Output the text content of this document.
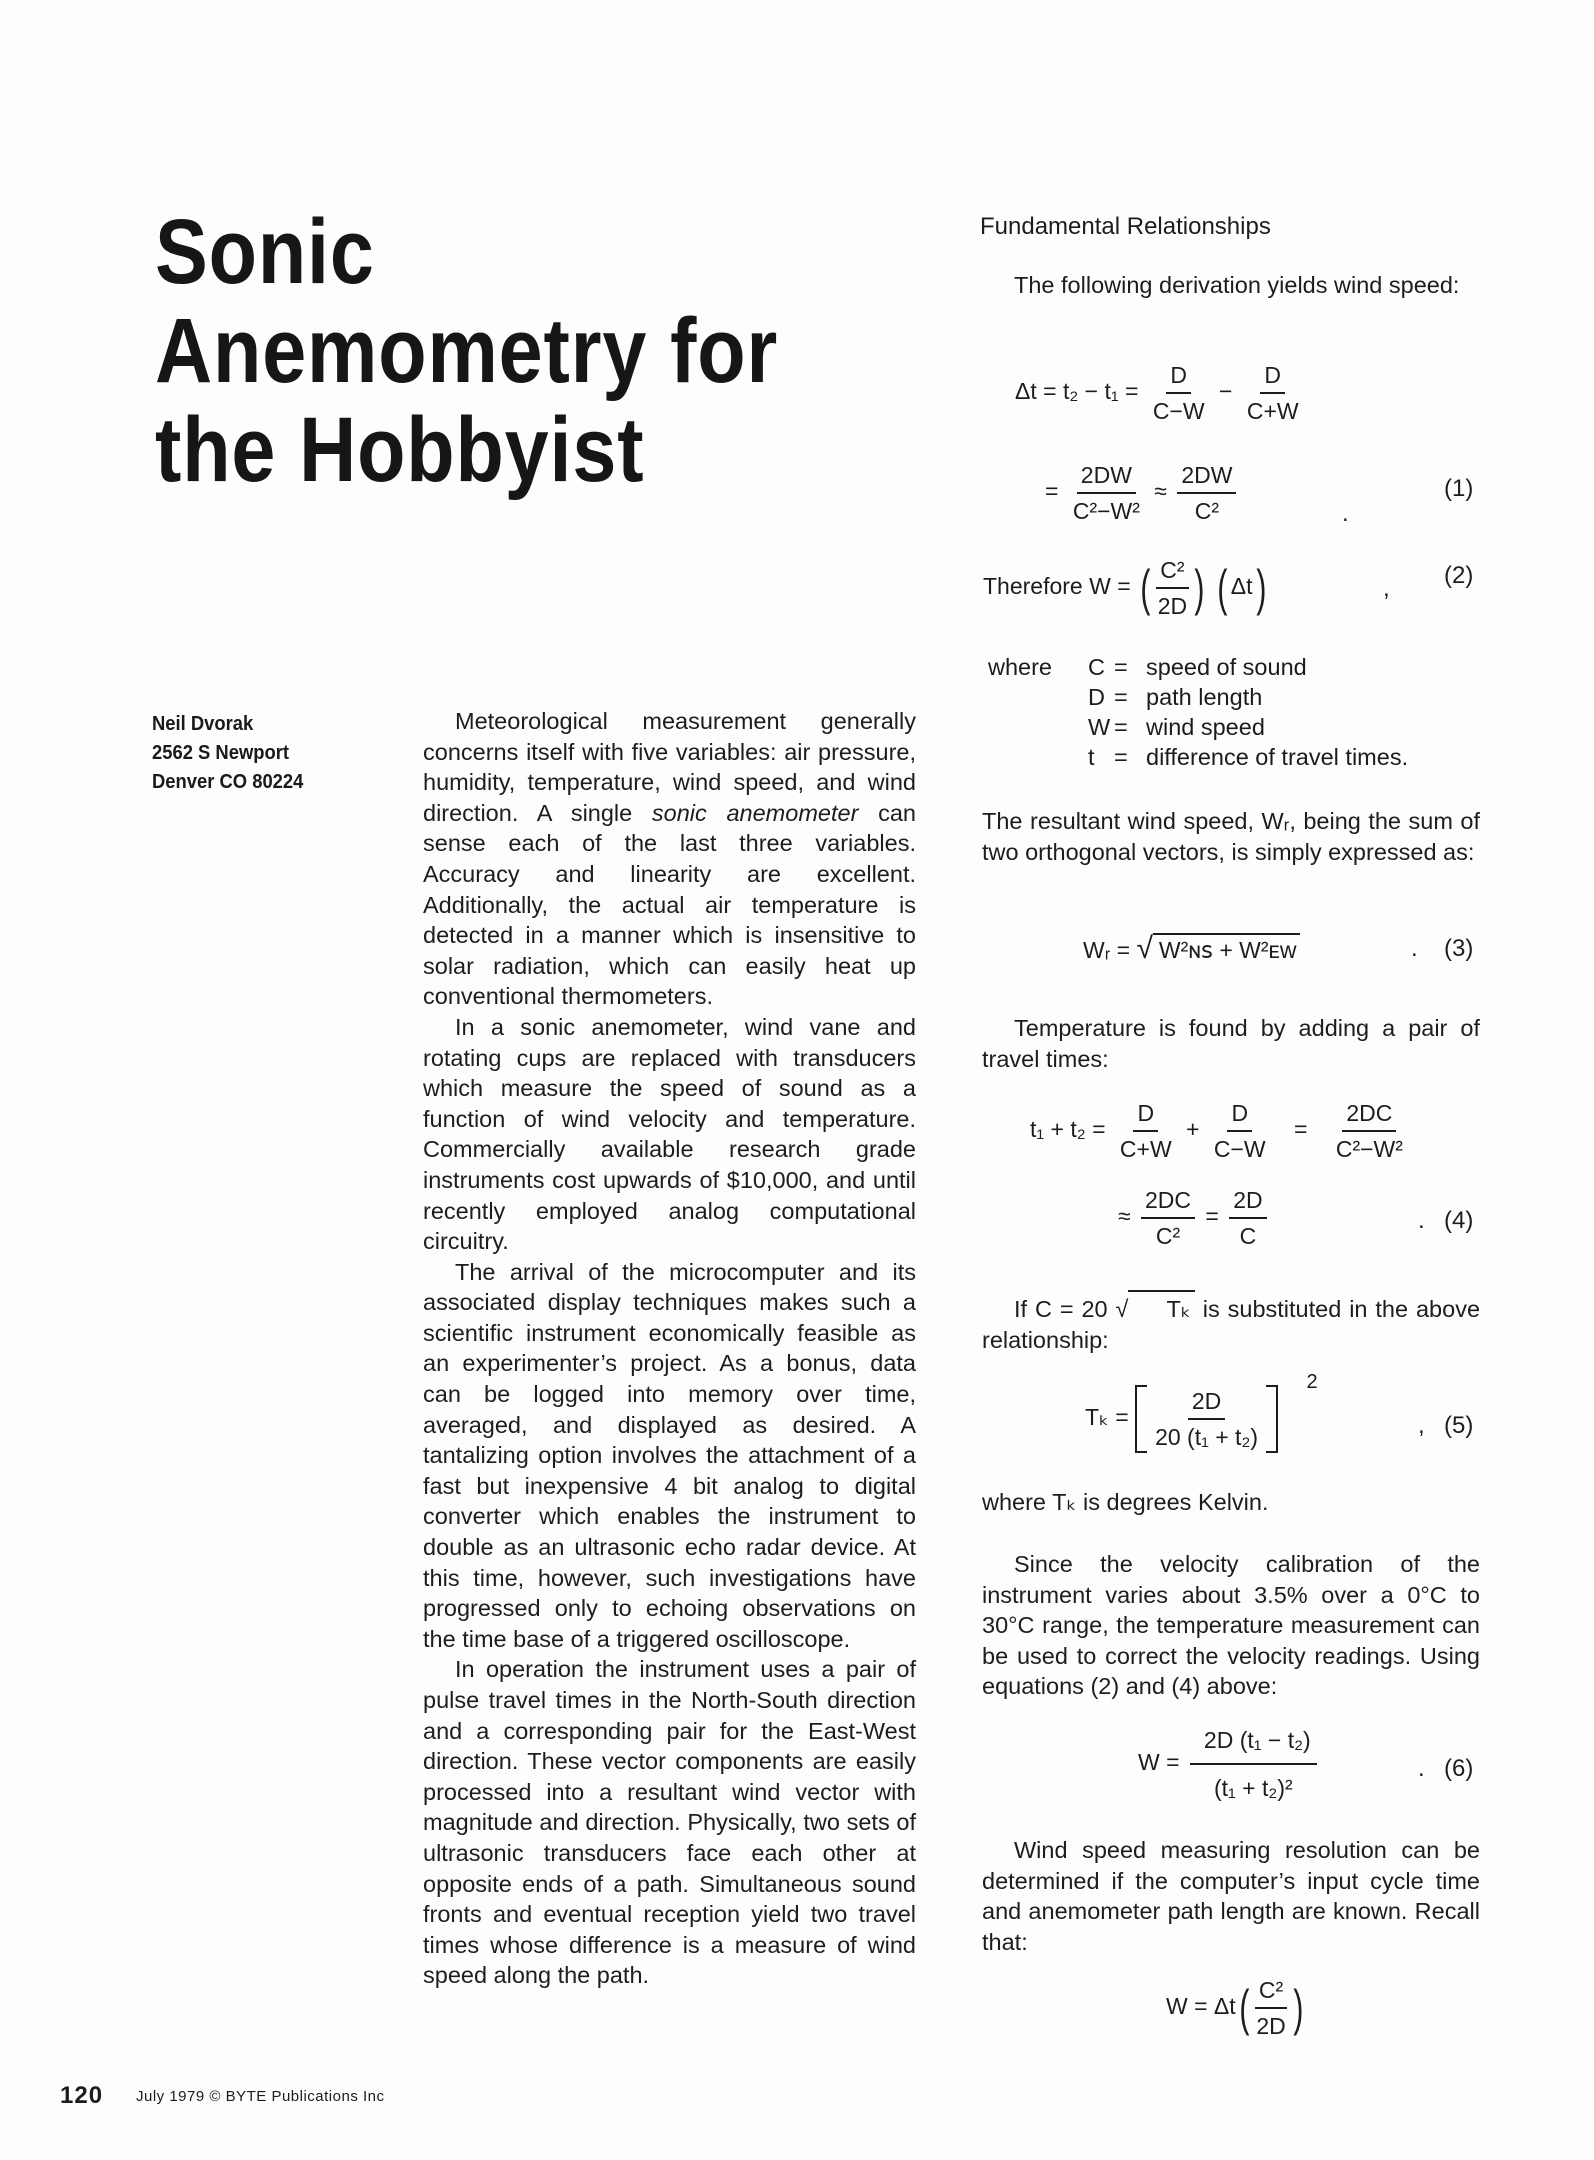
Sonic
Anemometry for
the Hobbyist
Neil Dvorak
2562 S Newport
Denver CO 80224

Meteorological measurement generally concerns itself with five variables: air pressure, humidity, temperature, wind speed, and wind direction. A single sonic anemometer can sense each of the last three variables. Accuracy and linearity are excellent. Additionally, the actual air temperature is detected in a manner which is insensitive to solar radiation, which can easily heat up conventional thermometers.

In a sonic anemometer, wind vane and rotating cups are replaced with transducers which measure the speed of sound as a function of wind velocity and temperature. Commercially available research grade instruments cost upwards of $10,000, and until recently employed analog computational circuitry.

The arrival of the microcomputer and its associated display techniques makes such a scientific instrument economically feasible as an experimenter’s project. As a bonus, data can be logged into memory over time, averaged, and displayed as desired. A tantalizing option involves the attachment of a fast but inexpensive 4 bit analog to digital converter which enables the instrument to double as an ultrasonic echo radar device. At this time, however, such investigations have progressed only to echoing observations on the time base of a triggered oscilloscope.

In operation the instrument uses a pair of pulse travel times in the North-South direction and a corresponding pair for the East-West direction. These vector components are easily processed into a resultant wind vector with magnitude and direction. Physically, two sets of ultrasonic transducers face each other at opposite ends of a path. Simultaneous sound fronts and eventual reception yield two travel times whose difference is a measure of wind speed along the path.

Fundamental Relationships

The following derivation yields wind speed:

$\Delta t = t_2 - t_1 = \frac{D}{C-W} - \frac{D}{C+W}$
= $\frac{2DW}{\text{C²−W²}} \approx \frac{2DW}{\text{C²}}$	.
(1)
Therefore W = ( $\frac{\text{C²}}{2D}$ ) ( Δt)	, (2)
where	C = speed of sound
D = path length
W = wind speed
t = difference of travel times.

The resultant wind speed, Wᵣ, being the sum of two orthogonal vectors, is simply expressed as:

Wᵣ = √ W²ɴꜱ + W²ᴇᴡ	. (3)

Temperature is found by adding a pair of travel times:

$t_1 + t_2 = \frac{D}{C+W} + \frac{D}{C-W} = \frac{2DC}{\text{C²−W²}}$
≈ $\frac{2DC}{\text{C²}} = \frac{2D}{C}$	. (4)

If C = 20 √ Tₖ is substituted in the above relationship:

$T_k = \frac{2D}{\text{20 (t₁ + t₂)}}$
$^2$
, (5)

where Tₖ is degrees Kelvin.

Since the velocity calibration of the instrument varies about 3.5% over a 0°C to 30°C range, the temperature measurement can be used to correct the velocity readings. Using equations (2) and (4) above:

$W = \frac{\text{2D (t₁ − t₂)}}{\text{(t₁ + t₂)²}}$	. (6)

Wind speed measuring resolution can be determined if the computer’s input cycle time and anemometer path length are known. Recall that:

$W = \Delta t( \frac{\text{C²}}{2D}$ )
120 July 1979 © BYTE Publications Inc
